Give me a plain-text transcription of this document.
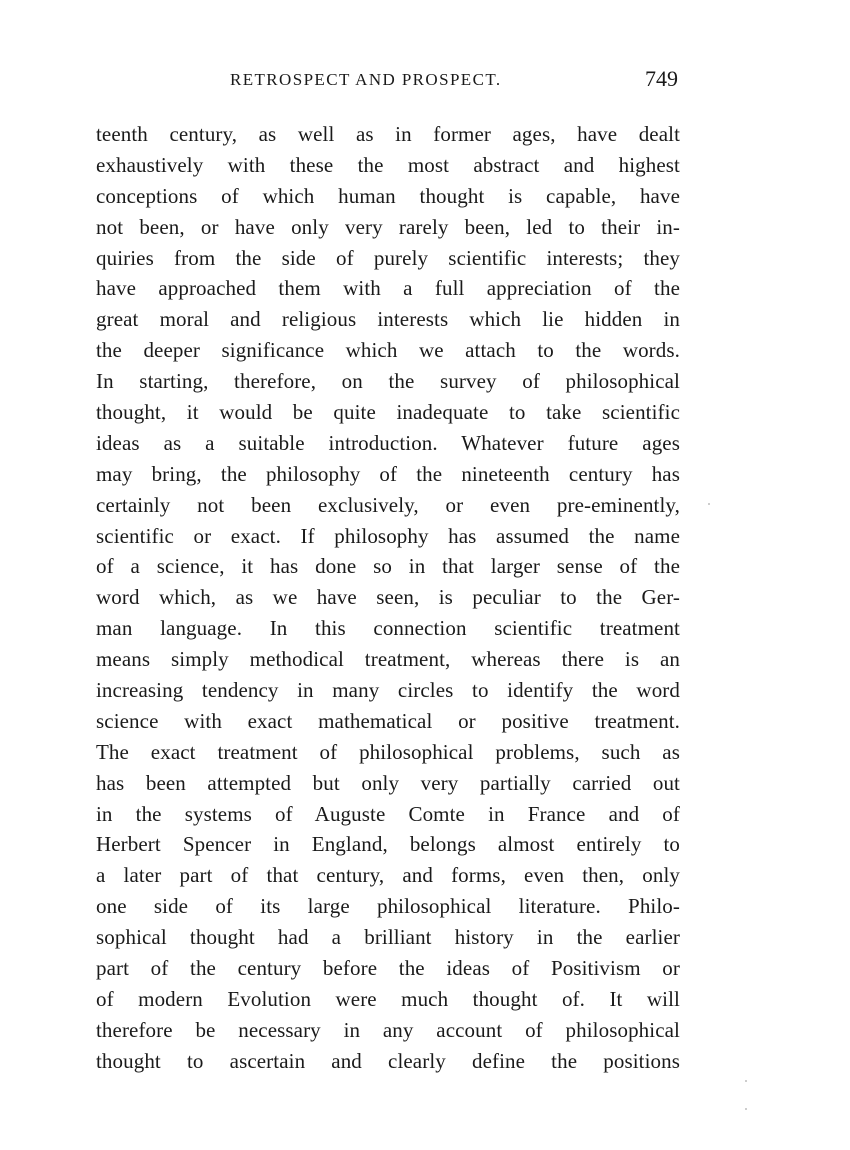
RETROSPECT AND PROSPECT.	749
teenth century, as well as in former ages, have dealt
exhaustively with these the most abstract and highest
conceptions of which human thought is capable, have
not been, or have only very rarely been, led to their in-
quiries from the side of purely scientific interests; they
have approached them with a full appreciation of the
great moral and religious interests which lie hidden in
the deeper significance which we attach to the words.
In starting, therefore, on the survey of philosophical
thought, it would be quite inadequate to take scientific
ideas as a suitable introduction. Whatever future ages
may bring, the philosophy of the nineteenth century has
certainly not been exclusively, or even pre-eminently,
scientific or exact. If philosophy has assumed the name
of a science, it has done so in that larger sense of the
word which, as we have seen, is peculiar to the Ger-
man language. In this connection scientific treatment
means simply methodical treatment, whereas there is an
increasing tendency in many circles to identify the word
science with exact mathematical or positive treatment.
The exact treatment of philosophical problems, such as
has been attempted but only very partially carried out
in the systems of Auguste Comte in France and of
Herbert Spencer in England, belongs almost entirely to
a later part of that century, and forms, even then, only
one side of its large philosophical literature. Philo-
sophical thought had a brilliant history in the earlier
part of the century before the ideas of Positivism or
of modern Evolution were much thought of. It will
therefore be necessary in any account of philosophical
thought to ascertain and clearly define the positions
